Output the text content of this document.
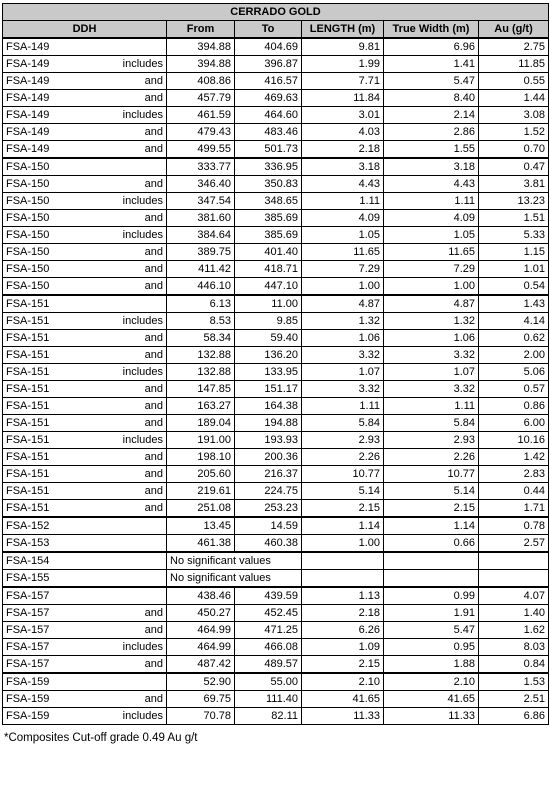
CERRADO GOLD						
DDH		From	To	LENGTH (m)	True Width (m)	Au (g/t)
FSA-149		394.88	404.69	9.81	6.96	2.75
FSA-149	includes	394.88	396.87	1.99	1.41	11.85
FSA-149	and	408.86	416.57	7.71	5.47	0.55
FSA-149	and	457.79	469.63	11.84	8.40	1.44
FSA-149	includes	461.59	464.60	3.01	2.14	3.08
FSA-149	and	479.43	483.46	4.03	2.86	1.52
FSA-149	and	499.55	501.73	2.18	1.55	0.70
FSA-150		333.77	336.95	3.18	3.18	0.47
FSA-150	and	346.40	350.83	4.43	4.43	3.81
FSA-150	includes	347.54	348.65	1.11	1.11	13.23
FSA-150	and	381.60	385.69	4.09	4.09	1.51
FSA-150	includes	384.64	385.69	1.05	1.05	5.33
FSA-150	and	389.75	401.40	11.65	11.65	1.15
FSA-150	and	411.42	418.71	7.29	7.29	1.01
FSA-150	and	446.10	447.10	1.00	1.00	0.54
FSA-151		6.13	11.00	4.87	4.87	1.43
FSA-151	includes	8.53	9.85	1.32	1.32	4.14
FSA-151	and	58.34	59.40	1.06	1.06	0.62
FSA-151	and	132.88	136.20	3.32	3.32	2.00
FSA-151	includes	132.88	133.95	1.07	1.07	5.06
FSA-151	and	147.85	151.17	3.32	3.32	0.57
FSA-151	and	163.27	164.38	1.11	1.11	0.86
FSA-151	and	189.04	194.88	5.84	5.84	6.00
FSA-151	includes	191.00	193.93	2.93	2.93	10.16
FSA-151	and	198.10	200.36	2.26	2.26	1.42
FSA-151	and	205.60	216.37	10.77	10.77	2.83
FSA-151	and	219.61	224.75	5.14	5.14	0.44
FSA-151	and	251.08	253.23	2.15	2.15	1.71
FSA-152		13.45	14.59	1.14	1.14	0.78
FSA-153		461.38	460.38	1.00	0.66	2.57
FSA-154		No significant values				
FSA-155		No significant values				
FSA-157		438.46	439.59	1.13	0.99	4.07
FSA-157	and	450.27	452.45	2.18	1.91	1.40
FSA-157	and	464.99	471.25	6.26	5.47	1.62
FSA-157	includes	464.99	466.08	1.09	0.95	8.03
FSA-157	and	487.42	489.57	2.15	1.88	0.84
FSA-159		52.90	55.00	2.10	2.10	1.53
FSA-159	and	69.75	111.40	41.65	41.65	2.51
FSA-159	includes	70.78	82.11	11.33	11.33	6.86
*Composites Cut-off grade 0.49 Au g/t
